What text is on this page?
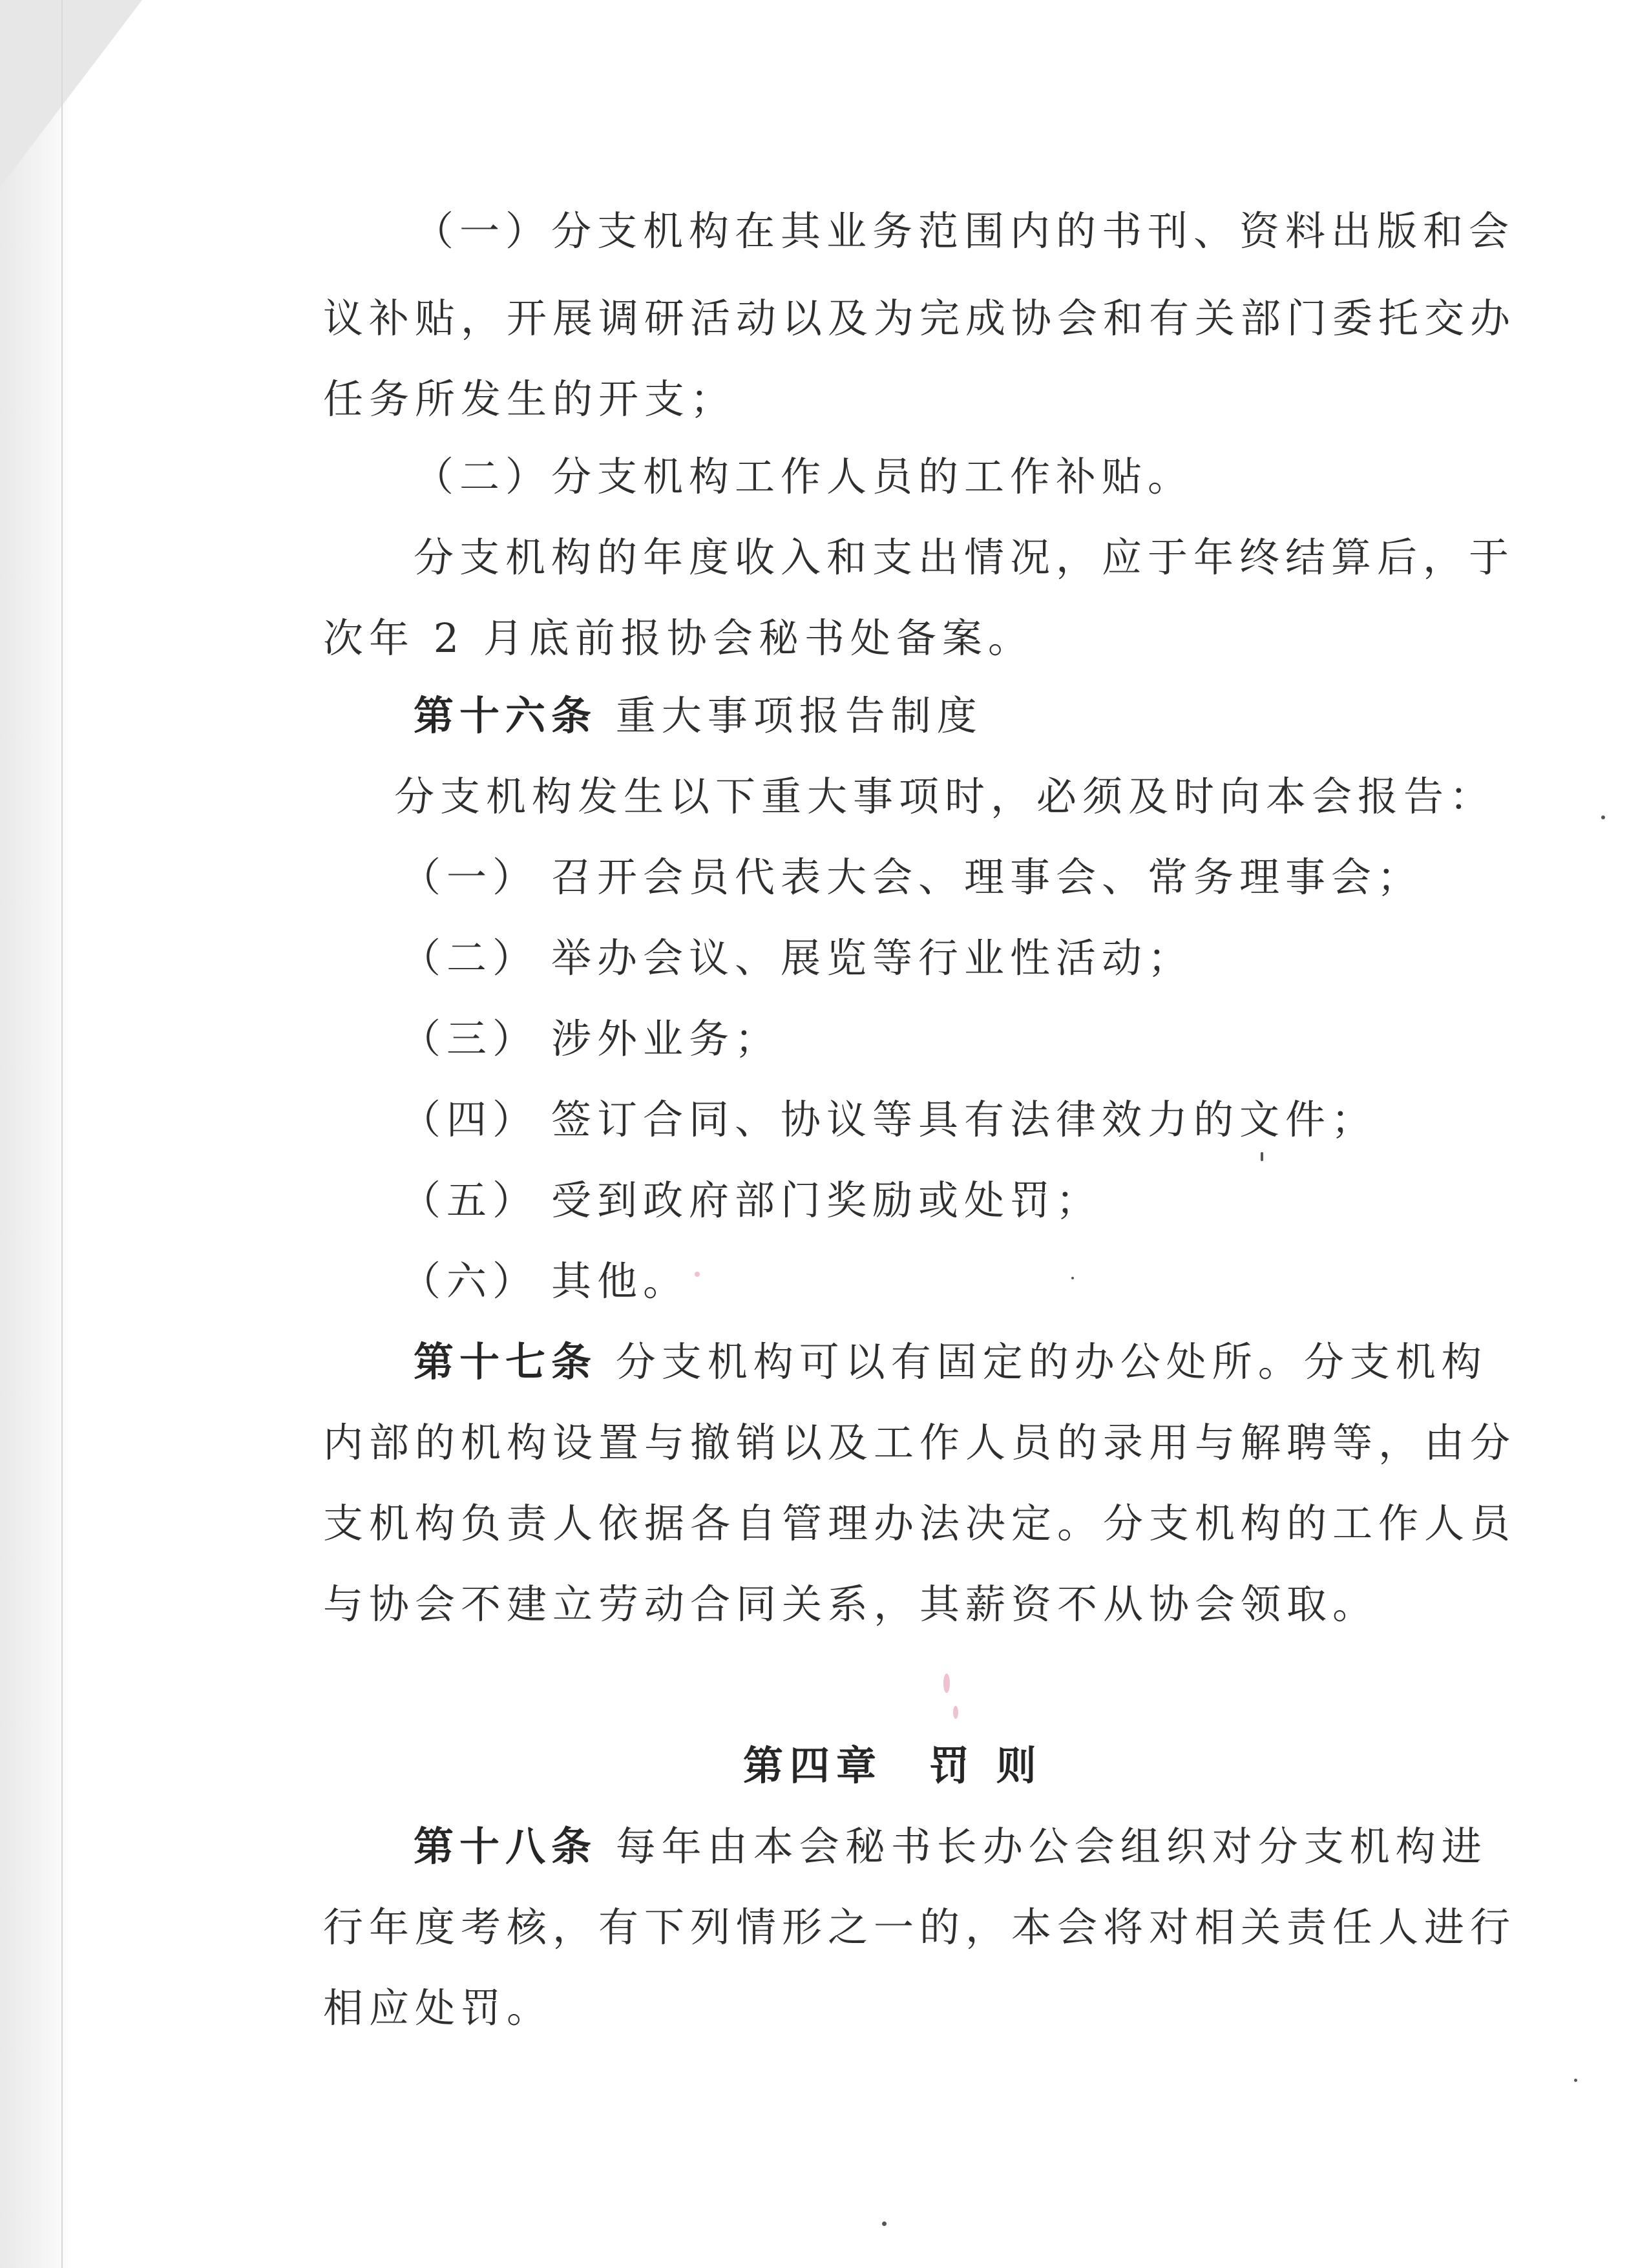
（一）分支机构在其业务范围内的书刊、资料出版和会
议补贴，开展调研活动以及为完成协会和有关部门委托交办
任务所发生的开支；
（二）分支机构工作人员的工作补贴。
分支机构的年度收入和支出情况，应于年终结算后，于
次年 2 月底前报协会秘书处备案。
第十六条 重大事项报告制度
分支机构发生以下重大事项时，必须及时向本会报告：
（一） 召开会员代表大会、理事会、常务理事会；
（二） 举办会议、展览等行业性活动；
（三） 涉外业务；
（四） 签订合同、协议等具有法律效力的文件；
（五） 受到政府部门奖励或处罚；
（六） 其他。
第十七条 分支机构可以有固定的办公处所。分支机构
内部的机构设置与撤销以及工作人员的录用与解聘等，由分
支机构负责人依据各自管理办法决定。分支机构的工作人员
与协会不建立劳动合同关系，其薪资不从协会领取。
第四章　罚 则
第十八条 每年由本会秘书长办公会组织对分支机构进
行年度考核，有下列情形之一的，本会将对相关责任人进行
相应处罚。
